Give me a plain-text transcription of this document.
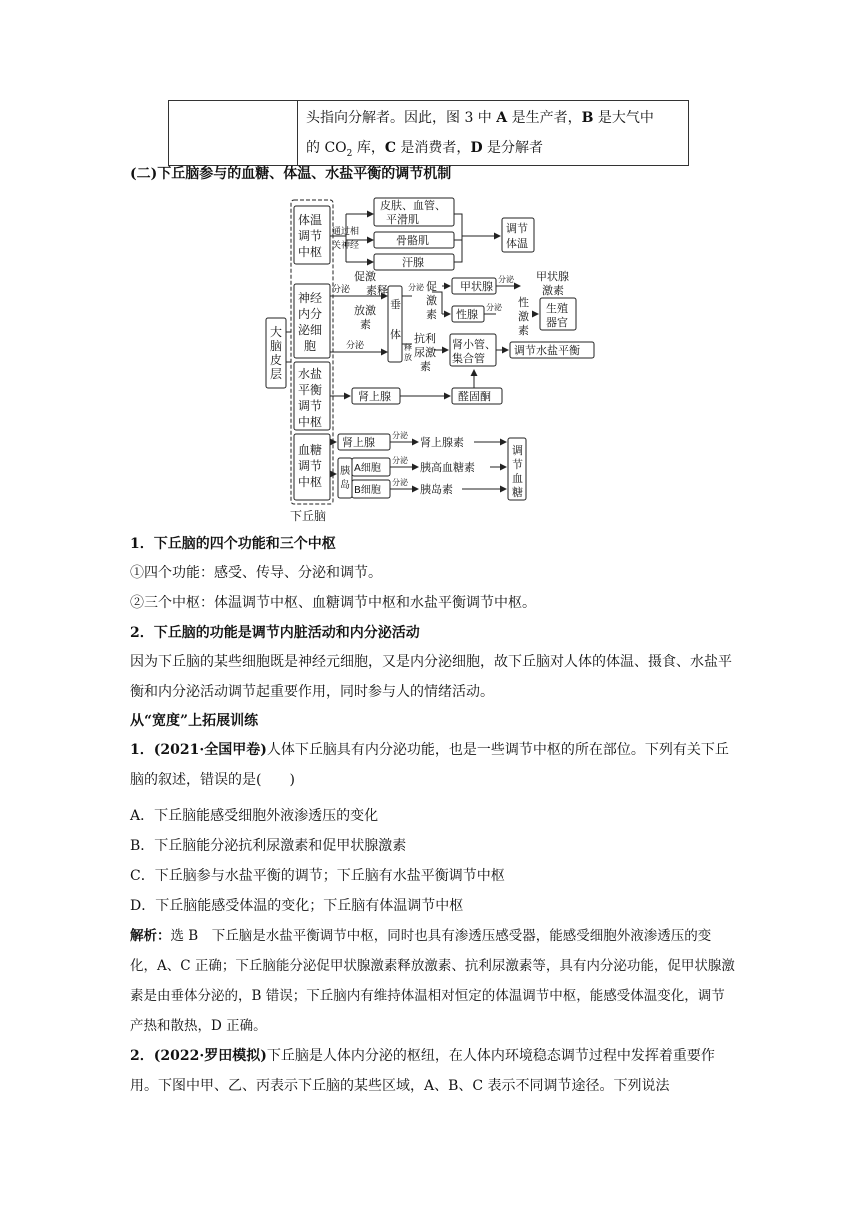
	头指向分解者。因此，图 3 中 A 是生产者，B 是大气中
的 $CO_2$ 库，C 是消费者，D 是分解者
(二)下丘脑参与的血糖、体温、水盐平衡的调节机制
大
脑
皮
层
体温
调节
中枢
神经
内分
泌细
胞
水盐
平衡
调节
中枢
血糖
调节
中枢
下丘脑
通过相
关神经
皮肤、血管、
平滑肌
骨骼肌
汗腺
调节
体温
分泌
促激
素释
放激
素
垂
体
分泌	释
放
分泌 促
激
素
抗利
尿激
素
甲状腺
分泌 甲状腺
激素
性腺
分泌 性
激
素
生殖
器官
肾小管、
集合管
调节水盐平衡
肾上腺	醛固酮
肾上腺
分泌
肾上腺素
胰
岛
A细胞
B细胞
分泌
胰高血糖素
分泌
胰岛素
调
节
血
糖
1．下丘脑的四个功能和三个中枢
①四个功能：感受、传导、分泌和调节。
②三个中枢：体温调节中枢、血糖调节中枢和水盐平衡调节中枢。
2．下丘脑的功能是调节内脏活动和内分泌活动
因为下丘脑的某些细胞既是神经元细胞，又是内分泌细胞，故下丘脑对人体的体温、摄食、水盐平衡和内分泌活动调节起重要作用，同时参与人的情绪活动。
从“宽度”上拓展训练
1．(2021·全国甲卷)人体下丘脑具有内分泌功能，也是一些调节中枢的所在部位。下列有关下丘脑的叙述，错误的是(　　)
A．下丘脑能感受细胞外液渗透压的变化
B．下丘脑能分泌抗利尿激素和促甲状腺激素
C．下丘脑参与水盐平衡的调节；下丘脑有水盐平衡调节中枢
D．下丘脑能感受体温的变化；下丘脑有体温调节中枢
解析：选 B　下丘脑是水盐平衡调节中枢，同时也具有渗透压感受器，能感受细胞外液渗透压的变化，A、C 正确；下丘脑能分泌促甲状腺激素释放激素、抗利尿激素等，具有内分泌功能，促甲状腺激素是由垂体分泌的，B 错误；下丘脑内有维持体温相对恒定的体温调节中枢，能感受体温变化，调节产热和散热，D 正确。
2．(2022·罗田模拟)下丘脑是人体内分泌的枢纽，在人体内环境稳态调节过程中发挥着重要作用。下图中甲、乙、丙表示下丘脑的某些区域，A、B、C 表示不同调节途径。下列说法
